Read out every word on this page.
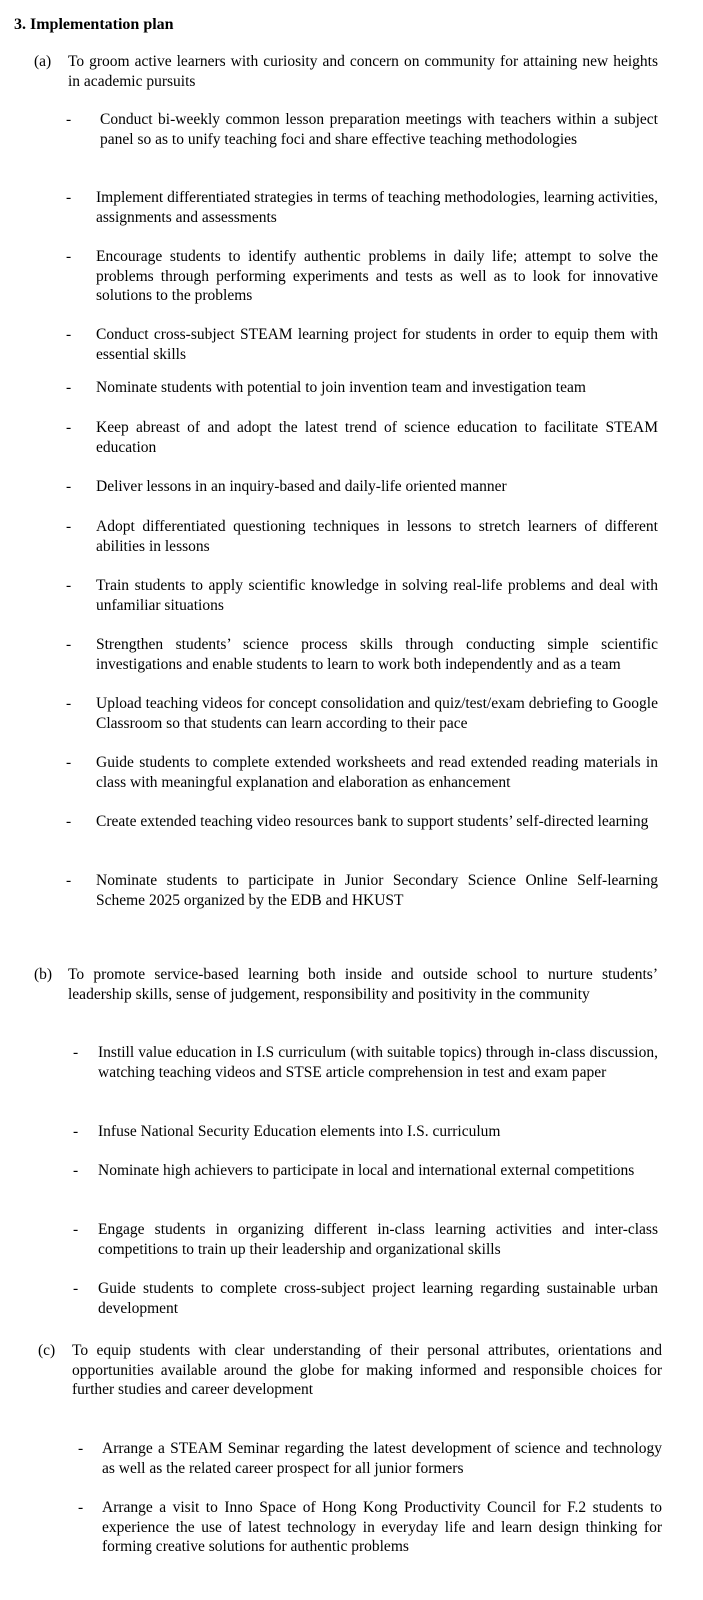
3. Implementation plan
(a) To groom active learners with curiosity and concern on community for attaining new heights in academic pursuits
- Conduct bi-weekly common lesson preparation meetings with teachers within a subject panel so as to unify teaching foci and share effective teaching methodologies
- Implement differentiated strategies in terms of teaching methodologies, learning activities, assignments and assessments
- Encourage students to identify authentic problems in daily life; attempt to solve the problems through performing experiments and tests as well as to look for innovative solutions to the problems
- Conduct cross-subject STEAM learning project for students in order to equip them with essential skills
- Nominate students with potential to join invention team and investigation team
- Keep abreast of and adopt the latest trend of science education to facilitate STEAM education
- Deliver lessons in an inquiry-based and daily-life oriented manner
- Adopt differentiated questioning techniques in lessons to stretch learners of different abilities in lessons
- Train students to apply scientific knowledge in solving real-life problems and deal with unfamiliar situations
- Strengthen students’ science process skills through conducting simple scientific investigations and enable students to learn to work both independently and as a team
- Upload teaching videos for concept consolidation and quiz/test/exam debriefing to Google Classroom so that students can learn according to their pace
- Guide students to complete extended worksheets and read extended reading materials in class with meaningful explanation and elaboration as enhancement
- Create extended teaching video resources bank to support students’ self-directed learning
- Nominate students to participate in Junior Secondary Science Online Self-learning Scheme 2025 organized by the EDB and HKUST
(b) To promote service-based learning both inside and outside school to nurture students’ leadership skills, sense of judgement, responsibility and positivity in the community
- Instill value education in I.S curriculum (with suitable topics) through in-class discussion, watching teaching videos and STSE article comprehension in test and exam paper
- Infuse National Security Education elements into I.S. curriculum
- Nominate high achievers to participate in local and international external competitions
- Engage students in organizing different in-class learning activities and inter-class competitions to train up their leadership and organizational skills
- Guide students to complete cross-subject project learning regarding sustainable urban development
(c) To equip students with clear understanding of their personal attributes, orientations and opportunities available around the globe for making informed and responsible choices for further studies and career development
- Arrange a STEAM Seminar regarding the latest development of science and technology as well as the related career prospect for all junior formers
- Arrange a visit to Inno Space of Hong Kong Productivity Council for F.2 students to experience the use of latest technology in everyday life and learn design thinking for forming creative solutions for authentic problems
